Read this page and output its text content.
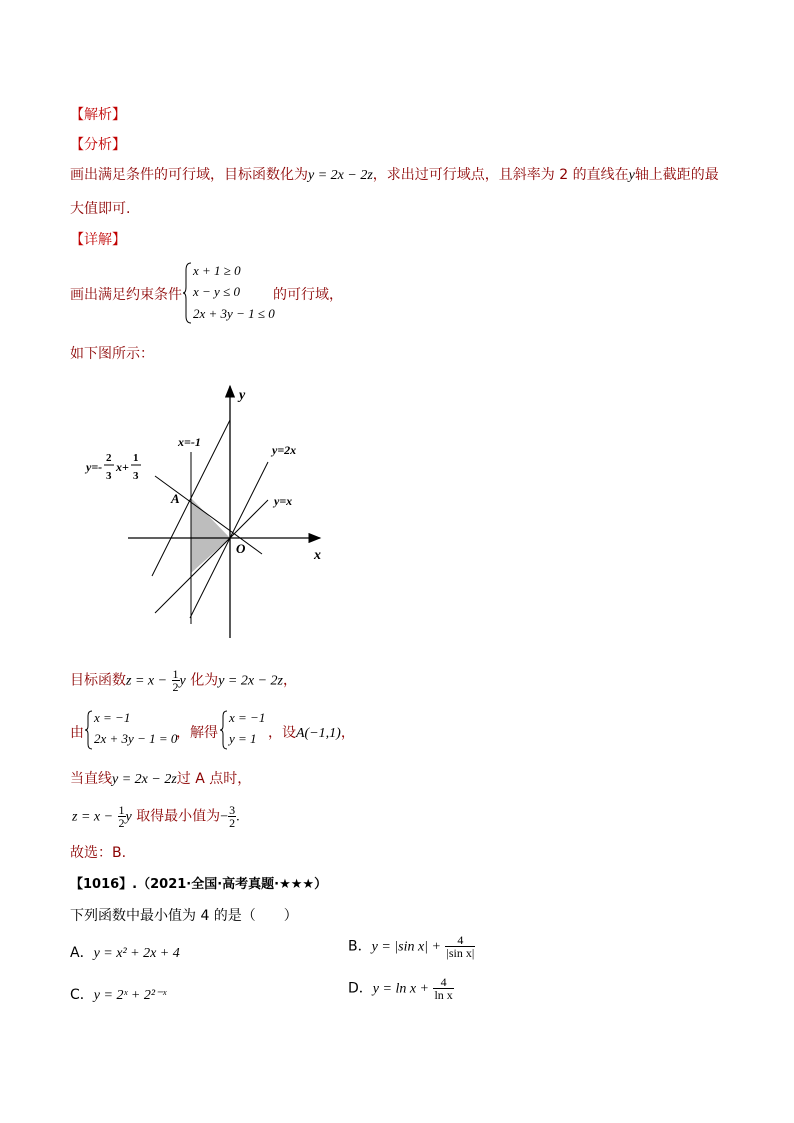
【解析】
【分析】
画出满足条件的可行域，目标函数化为y = 2x − 2z，求出过可行域点，且斜率为 2 的直线在y轴上截距的最
大值即可.
【详解】
画出满足约束条件
x + 1 ≥ 0
x − y ≤ 0
2x + 3y − 1 ≤ 0
的可行域，
如下图所示：
y
x
O
A
x=-1
y=2x
y=x
y=-
2
3
x+
1
3
目标函数$z = x - \frac{1}{2}$ y 化为y = 2x − 2z，
由
x = −1
2x + 3y − 1 = 0
，解得
x = −1
y = 1 ，设A(−1,1)，
当直线y = 2x − 2z过 A 点时，
$z = x - \frac{1}{2}$ y 取得最小值为− $\frac{3}{2}$ .
故选：B.
【1016】.（2021·全国·高考真题·★★★）
下列函数中最小值为 4 的是（　　）
A．y = x² + 2x + 4	B．y = |sin $x| + \frac{4}{\text{|sin x|}}$
C．y = 2ˣ + 2²⁻ˣ	D．$y = \ln x + \frac{4}{\text{ln x}}$
